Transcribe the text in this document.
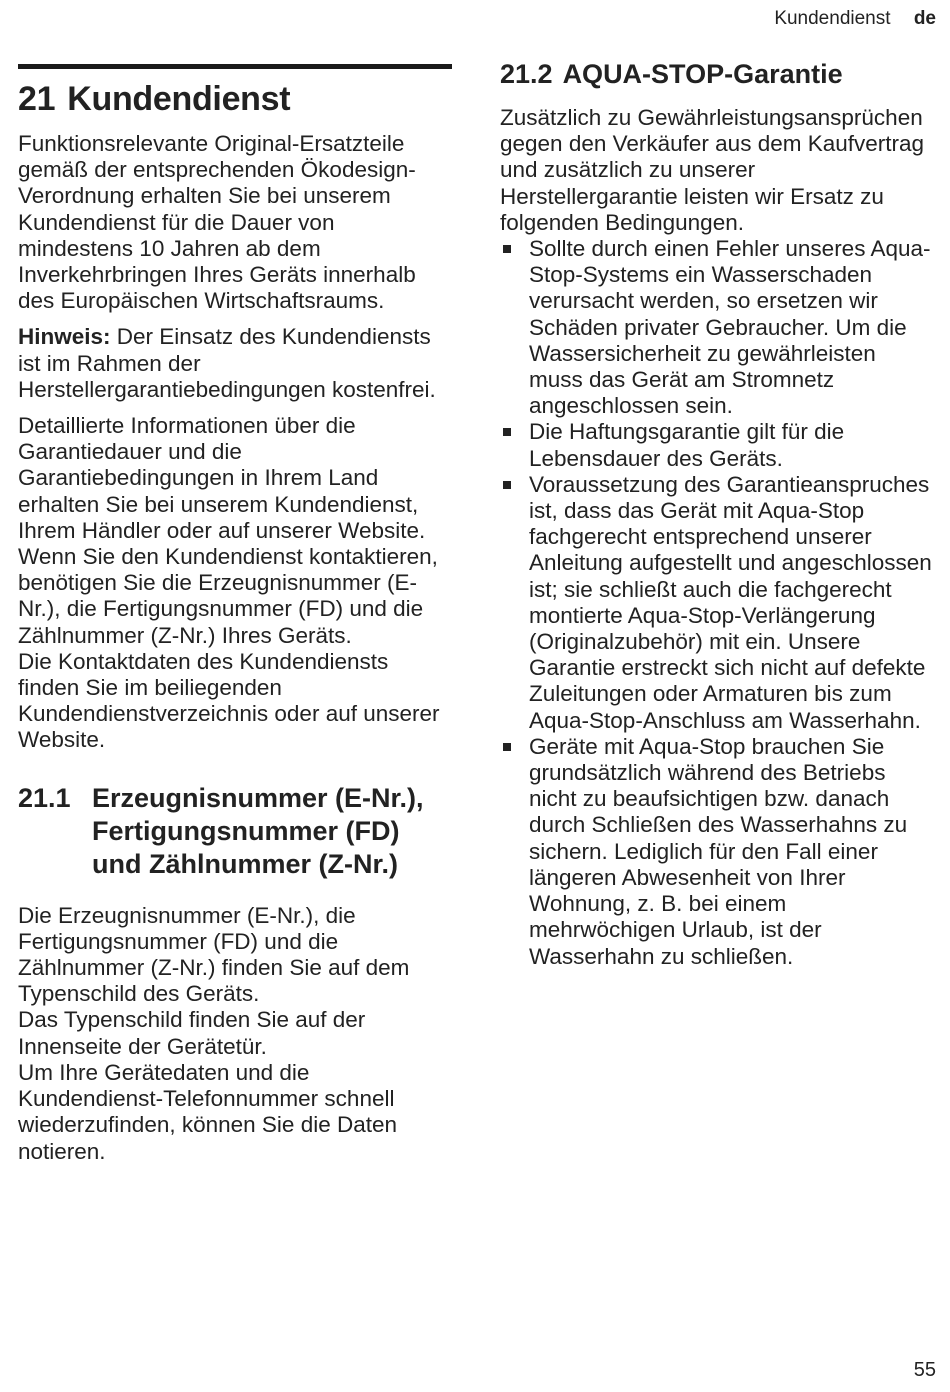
Kundendienst de
21 Kundendienst

Funktionsrelevante Original-Ersatzteile gemäß der entsprechenden Ökodesign-Verordnung erhalten Sie bei unserem Kundendienst für die Dauer von mindestens 10 Jahren ab dem Inverkehrbringen Ihres Geräts innerhalb des Europäischen Wirtschaftsraums.

Hinweis: Der Einsatz des Kundendiensts ist im Rahmen der Herstellergarantiebedingungen kostenfrei.

Detaillierte Informationen über die Garantiedauer und die Garantiebedingungen in Ihrem Land erhalten Sie bei unserem Kundendienst, Ihrem Händler oder auf unserer Website.

Wenn Sie den Kundendienst kontaktieren, benötigen Sie die Erzeugnisnummer (E-Nr.), die Fertigungsnummer (FD) und die Zählnummer (Z-Nr.) Ihres Geräts.

Die Kontaktdaten des Kundendiensts finden Sie im beiliegenden Kundendienstverzeichnis oder auf unserer Website.

21.1 Erzeugnisnummer (E-Nr.), Fertigungsnummer (FD) und Zählnummer (Z-Nr.)

Die Erzeugnisnummer (E-Nr.), die Fertigungsnummer (FD) und die Zählnummer (Z-Nr.) finden Sie auf dem Typenschild des Geräts.

Das Typenschild finden Sie auf der Innenseite der Gerätetür.

Um Ihre Gerätedaten und die Kundendienst-Telefonnummer schnell wiederzufinden, können Sie die Daten notieren.

21.2 AQUA-STOP-Garantie

Zusätzlich zu Gewährleistungsansprüchen gegen den Verkäufer aus dem Kaufvertrag und zusätzlich zu unserer Herstellergarantie leisten wir Ersatz zu folgenden Bedingungen.

Sollte durch einen Fehler unseres Aqua-Stop-Systems ein Wasserschaden verursacht werden, so ersetzen wir Schäden privater Gebraucher. Um die Wassersicherheit zu gewährleisten muss das Gerät am Stromnetz angeschlossen sein.
Die Haftungsgarantie gilt für die Lebensdauer des Geräts.
Voraussetzung des Garantieanspruches ist, dass das Gerät mit Aqua-Stop fachgerecht entsprechend unserer Anleitung aufgestellt und angeschlossen ist; sie schließt auch die fachgerecht montierte Aqua-Stop-Verlängerung (Originalzubehör) mit ein. Unsere Garantie erstreckt sich nicht auf defekte Zuleitungen oder Armaturen bis zum Aqua-Stop-Anschluss am Wasserhahn.
Geräte mit Aqua-Stop brauchen Sie grundsätzlich während des Betriebs nicht zu beaufsichtigen bzw. danach durch Schließen des Wasserhahns zu sichern. Lediglich für den Fall einer längeren Abwesenheit von Ihrer Wohnung, z. B. bei einem mehrwöchigen Urlaub, ist der Wasserhahn zu schließen.
55
